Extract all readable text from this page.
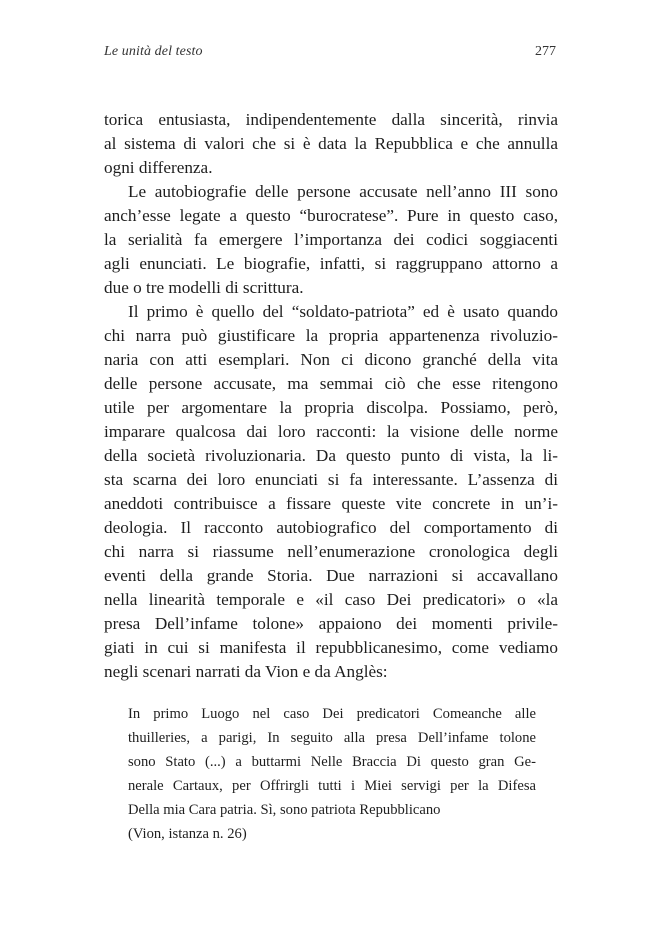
Le unità del testo	277
torica entusiasta, indipendentemente dalla sincerità, rinvia
al sistema di valori che si è data la Repubblica e che annulla
ogni differenza.
Le autobiografie delle persone accusate nell’anno III sono
anch’esse legate a questo “burocratese”. Pure in questo caso,
la serialità fa emergere l’importanza dei codici soggiacenti
agli enunciati. Le biografie, infatti, si raggruppano attorno a
due o tre modelli di scrittura.
Il primo è quello del “soldato-patriota” ed è usato quando
chi narra può giustificare la propria appartenenza rivoluzio-
naria con atti esemplari. Non ci dicono granché della vita
delle persone accusate, ma semmai ciò che esse ritengono
utile per argomentare la propria discolpa. Possiamo, però,
imparare qualcosa dai loro racconti: la visione delle norme
della società rivoluzionaria. Da questo punto di vista, la li-
sta scarna dei loro enunciati si fa interessante. L’assenza di
aneddoti contribuisce a fissare queste vite concrete in un’i-
deologia. Il racconto autobiografico del comportamento di
chi narra si riassume nell’enumerazione cronologica degli
eventi della grande Storia. Due narrazioni si accavallano
nella linearità temporale e «il caso Dei predicatori» o «la
presa Dell’infame tolone» appaiono dei momenti privile-
giati in cui si manifesta il repubblicanesimo, come vediamo
negli scenari narrati da Vion e da Anglès:
In primo Luogo nel caso Dei predicatori Comeanche alle
thuilleries, a parigi, In seguito alla presa Dell’infame tolone
sono Stato (...) a buttarmi Nelle Braccia Di questo gran Ge-
nerale Cartaux, per Offrirgli tutti i Miei servigi per la Difesa
Della mia Cara patria. Sì, sono patriota Repubblicano
(Vion, istanza n. 26)
